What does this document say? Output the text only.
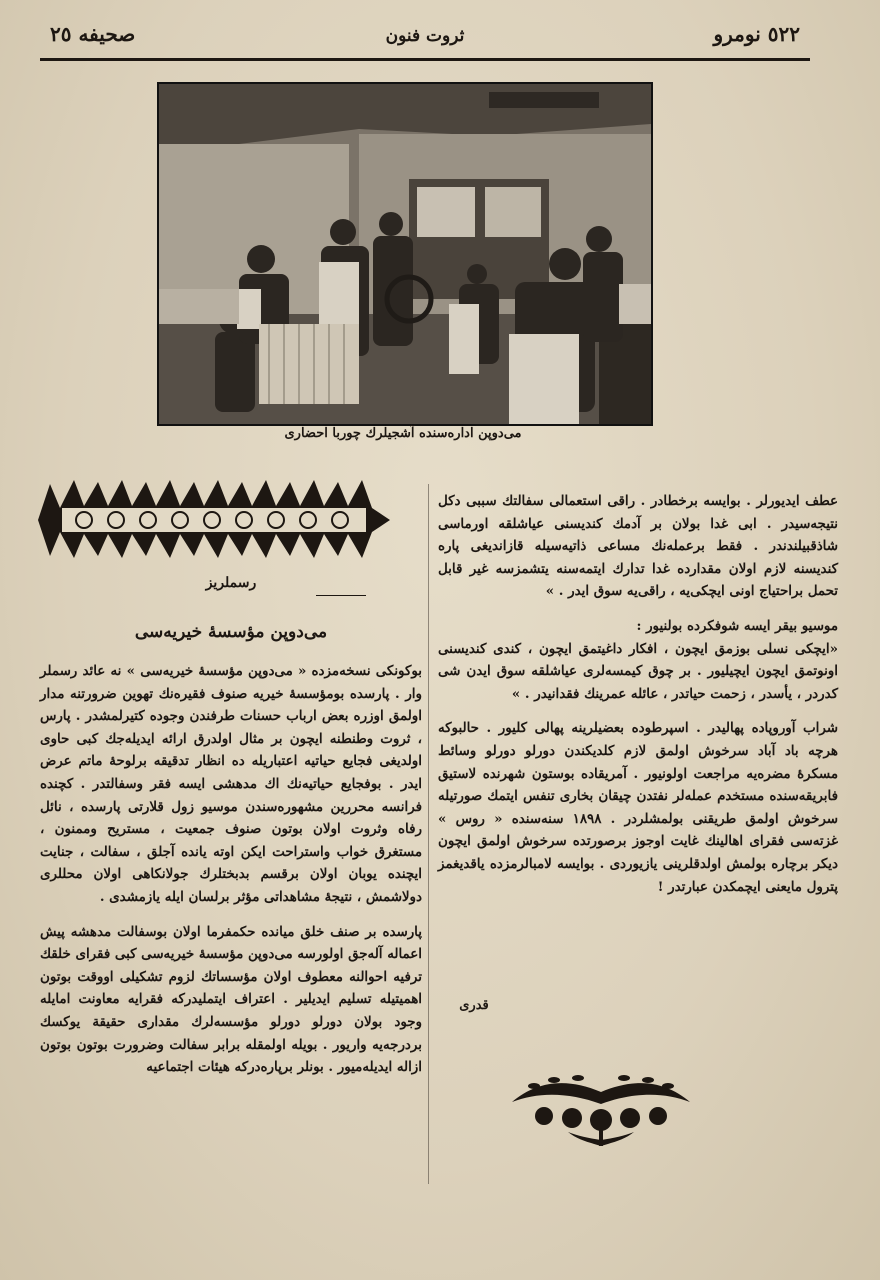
٥٢٢ نومرو
ثروت فنون
صحیفه ٢٥
مى‌دوپن اداره‌سنده آشجیلرك چوربا احضارى

عطف ایدیورلر . بوایسه برخطادر . راقی استعمالی سفالتك سببی دکل نتیجه‌سیدر . ابی غدا بولان بر آدمك کندیسنی عیاشلقه اورماسی شاذقبیلندندر . فقط برعمله‌نك مساعی ذاتیه‌سیله قازاندیغی پاره کندیسنه لازم اولان مقدارده غدا تدارك ایتمه‌سنه یتشمزسه غیر قابل تحمل براحتیاج اونی ایچکی‌یه ، راقی‌یه سوق ایدر . »

موسیو بیقر ایسه شوفکرده بولنیور :

«ایچکی نسلی بوزمق ایچون ، افکار داغیتمق ایچون ، کندی کندیسنی اونوتمق ایچون ایچیلیور . بر چوق کیمسه‌لری عیاشلقه سوق ایدن شی کدردر ، یأسدر ، زحمت حیاتدر ، عائله عمرینك فقدانیدر . »

شراب آوروپاده پهالیدر . اسپرطوده بعضیلرینه پهالی کلیور . حالبوکه هرچه باد آباد سرخوش اولمق لازم کلدیکندن دورلو دورلو وسائط مسکرهٔ مضره‌یه مراجعت اولونیور . آمریقاده بوستون شهرنده لاستیق فابریقه‌سنده مستخدم عمله‌لر نفتدن چیقان بخاری تنفس ایتمك صورتیله سرخوش اولمق طریقنی بولمشلردر . ١٨٩٨ سنه‌سنده « روس » غزته‌سی فقرای اهالینك غایت اوجوز برصورتده سرخوش اولمق ایچون دیکر برچاره بولمش اولدقلرینی یازیوردی . بوایسه لامبالرمزده یاقدیغمز پترول مایعنی ایچمکدن عبارتدر !

قدری
رسملریز
مى‌دوپن مؤسسهٔ خیریه‌سی

بوکونکی نسخه‌مزده « می‌دوپن مؤسسهٔ خیریه‌سی » نه عائد رسملر وار . پارسده بومؤسسهٔ خیریه صنوف فقیره‌نك تهوین ضرورتنه مدار اولمق اوزره بعض ارباب حسنات طرفندن وجوده کتیرلمشدر . پارس ، ثروت وطنطنه ایچون بر مثال اولدرق ارائه ایدیله‌جك کبی حاوی اولدیغی فجایع حیاتیه اعتباریله ده انظار تدقیقه برلوحهٔ ماتم عرض ایدر . بوفجایع حیاتیه‌نك اك مدهشی ایسه فقر وسفالتدر . کچنده فرانسه محررین مشهوره‌سندن موسیو زول قلارتی پارسده ، نائل رفاه وثروت اولان بوتون صنوف جمعیت ، مستریح وممنون ، مستغرق خواب واستراحت ایکن اوته یانده آجلق ، سفالت ، جنایت ایچنده یوبان اولان برقسم بدبختلرك جولانکاهی اولان محللری دولاشمش ، نتیجهٔ مشاهداتی مؤثر برلسان ایله یازمشدی .

پارسده بر صنف خلق میانده حکمفرما اولان بوسفالت مدهشه پیش اعماله آله‌جق اولورسه می‌دوپن مؤسسهٔ خیریه‌سی کبی فقرای خلقك ترفیه احوالنه معطوف اولان مؤسساتك لزوم تشکیلی اووقت بوتون اهمیتیله تسلیم ایدیلیر . اعتراف ایتملیدرکه فقرایه معاونت امایله وجود بولان دورلو دورلو مؤسسه‌لرك مقداری حقیقة یوکسك بردرجه‌یه واریور . بویله اولمقله برابر سفالت وضرورت بوتون بوتون ازاله ایدیله‌میور . بونلر برپاره‌درکه هیئات اجتماعیه
